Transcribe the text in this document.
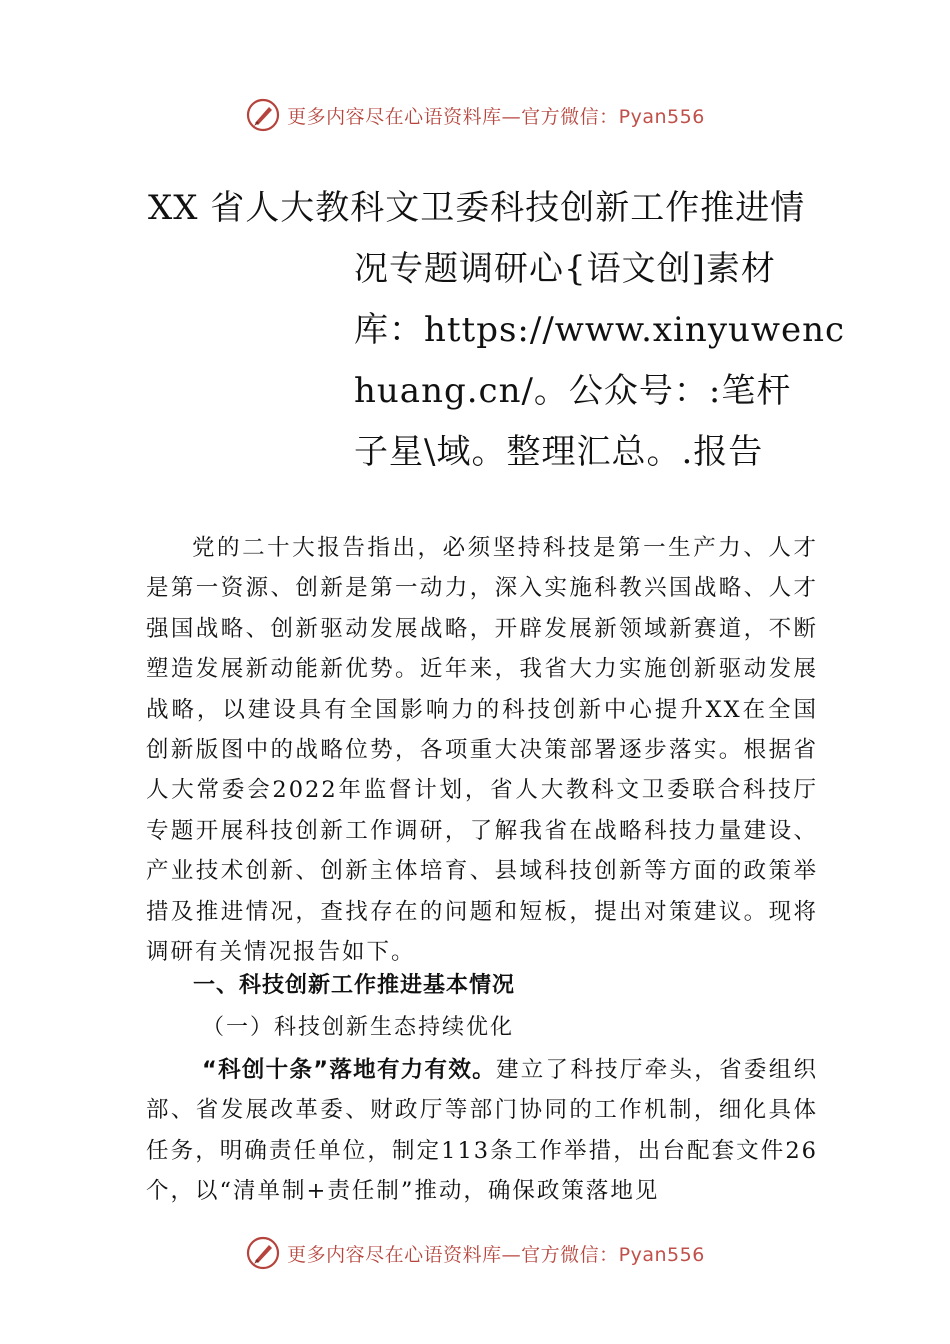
更多内容尽在心语资料库—官方微信：Pyan556
XX 省人大教科文卫委科技创新工作推进情
况专题调研心{语文创]素材
库：https://www.xinyuwenc
huang.cn/。公众号：:笔杆
子星\域。整理汇总。.报告
党的二十大报告指出，必须坚持科技是第一生产力、人才是第一资源、创新是第一动力，深入实施科教兴国战略、人才强国战略、创新驱动发展战略，开辟发展新领域新赛道，不断塑造发展新动能新优势。近年来，我省大力实施创新驱动发展战略，以建设具有全国影响力的科技创新中心提升XX在全国创新版图中的战略位势，各项重大决策部署逐步落实。根据省人大常委会2022年监督计划，省人大教科文卫委联合科技厅专题开展科技创新工作调研，了解我省在战略科技力量建设、产业技术创新、创新主体培育、县域科技创新等方面的政策举措及推进情况，查找存在的问题和短板，提出对策建议。现将调研有关情况报告如下。
一、科技创新工作推进基本情况
（一）科技创新生态持续优化
“科创十条”落地有力有效。建立了科技厅牵头，省委组织部、省发展改革委、财政厅等部门协同的工作机制，细化具体任务，明确责任单位，制定113条工作举措，出台配套文件26个，以“清单制+责任制”推动，确保政策落地见
更多内容尽在心语资料库—官方微信：Pyan556
